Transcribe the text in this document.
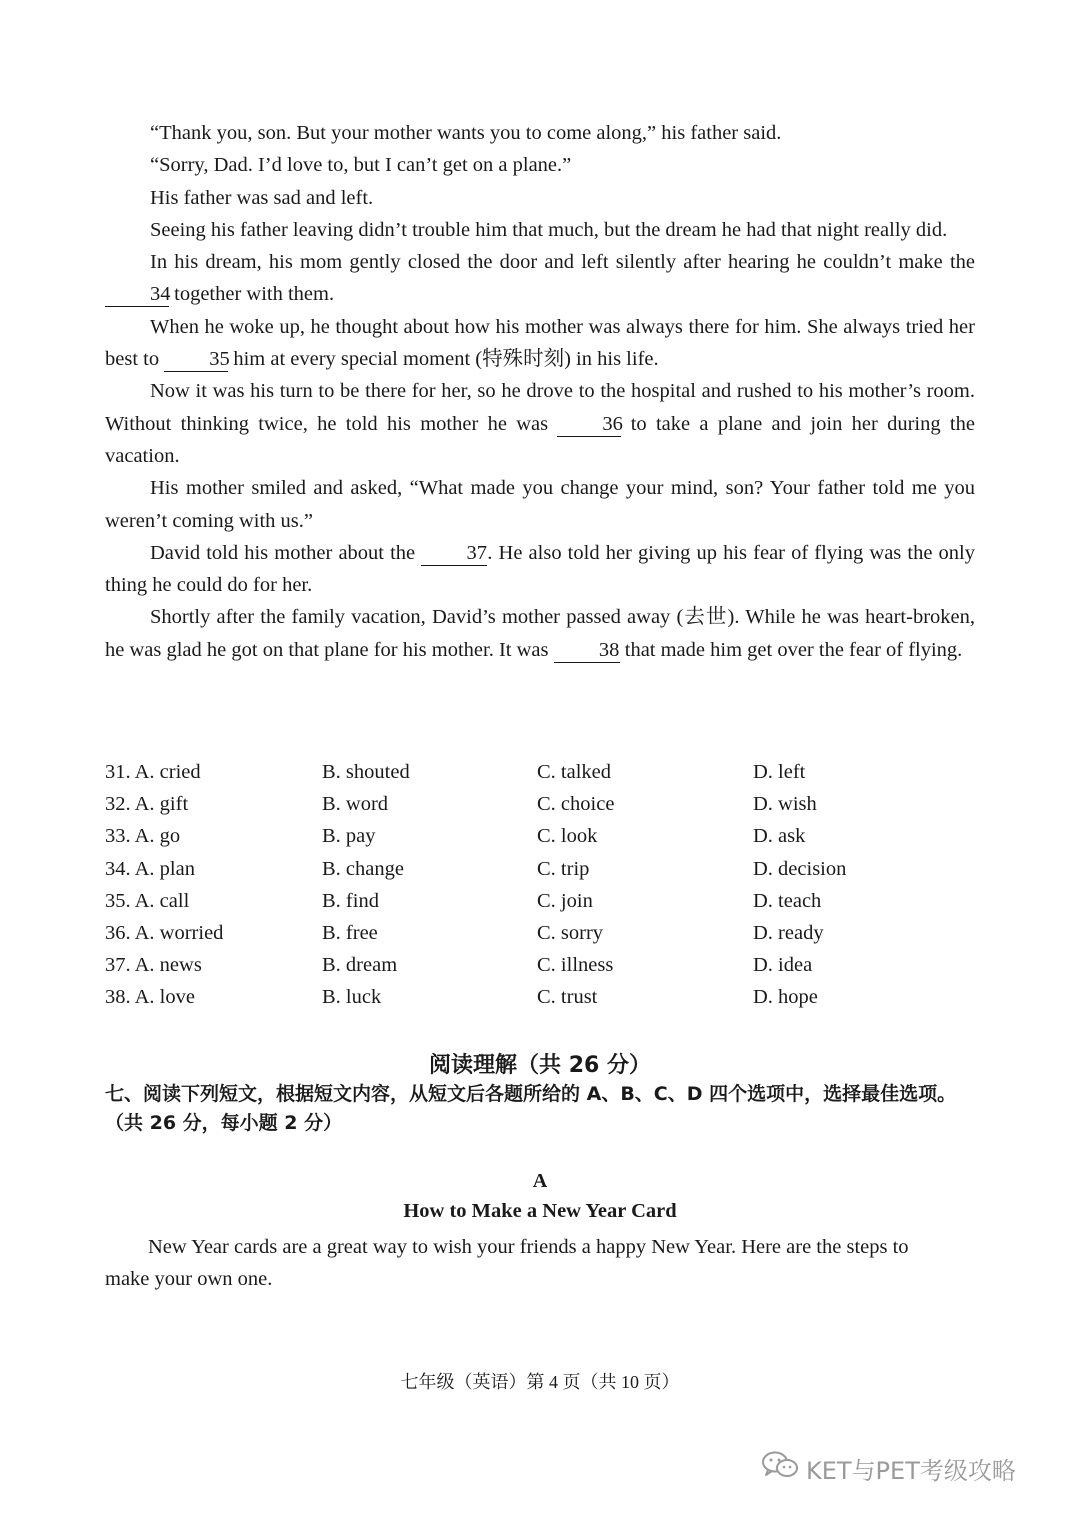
“Thank you, son. But your mother wants you to come along,” his father said.

“Sorry, Dad. I’d love to, but I can’t get on a plane.”

His father was sad and left.

Seeing his father leaving didn’t trouble him that much, but the dream he had that night really did.

In his dream, his mom gently closed the door and left silently after hearing he couldn’t make the 34 together with them.

When he woke up, he thought about how his mother was always there for him. She always tried her best to 35 him at every special moment (特殊时刻) in his life.

Now it was his turn to be there for her, so he drove to the hospital and rushed to his mother’s room. Without thinking twice, he told his mother he was 36 to take a plane and join her during the vacation.

His mother smiled and asked, “What made you change your mind, son? Your father told me you weren’t coming with us.”

David told his mother about the 37. He also told her giving up his fear of flying was the only thing he could do for her.

Shortly after the family vacation, David’s mother passed away (去世). While he was heart-broken, he was glad he got on that plane for his mother. It was 38 that made him get over the fear of flying.

31. A. cried	B. shouted	C. talked	D. left
32. A. gift	B. word	C. choice	D. wish
33. A. go	B. pay	C. look	D. ask
34. A. plan	B. change	C. trip	D. decision
35. A. call	B. find	C. join	D. teach
36. A. worried	B. free	C. sorry	D. ready
37. A. news	B. dream	C. illness	D. idea
38. A. love	B. luck	C. trust	D. hope
阅读理解（共 26 分）
七、阅读下列短文，根据短文内容，从短文后各题所给的 A、B、C、D 四个选项中，选择最佳选项。（共 26 分，每小题 2 分）
A
How to Make a New Year Card

New Year cards are a great way to wish your friends a happy New Year. Here are the steps to make your own one.

七年级（英语）第 4 页（共 10 页）
KET与PET考级攻略
